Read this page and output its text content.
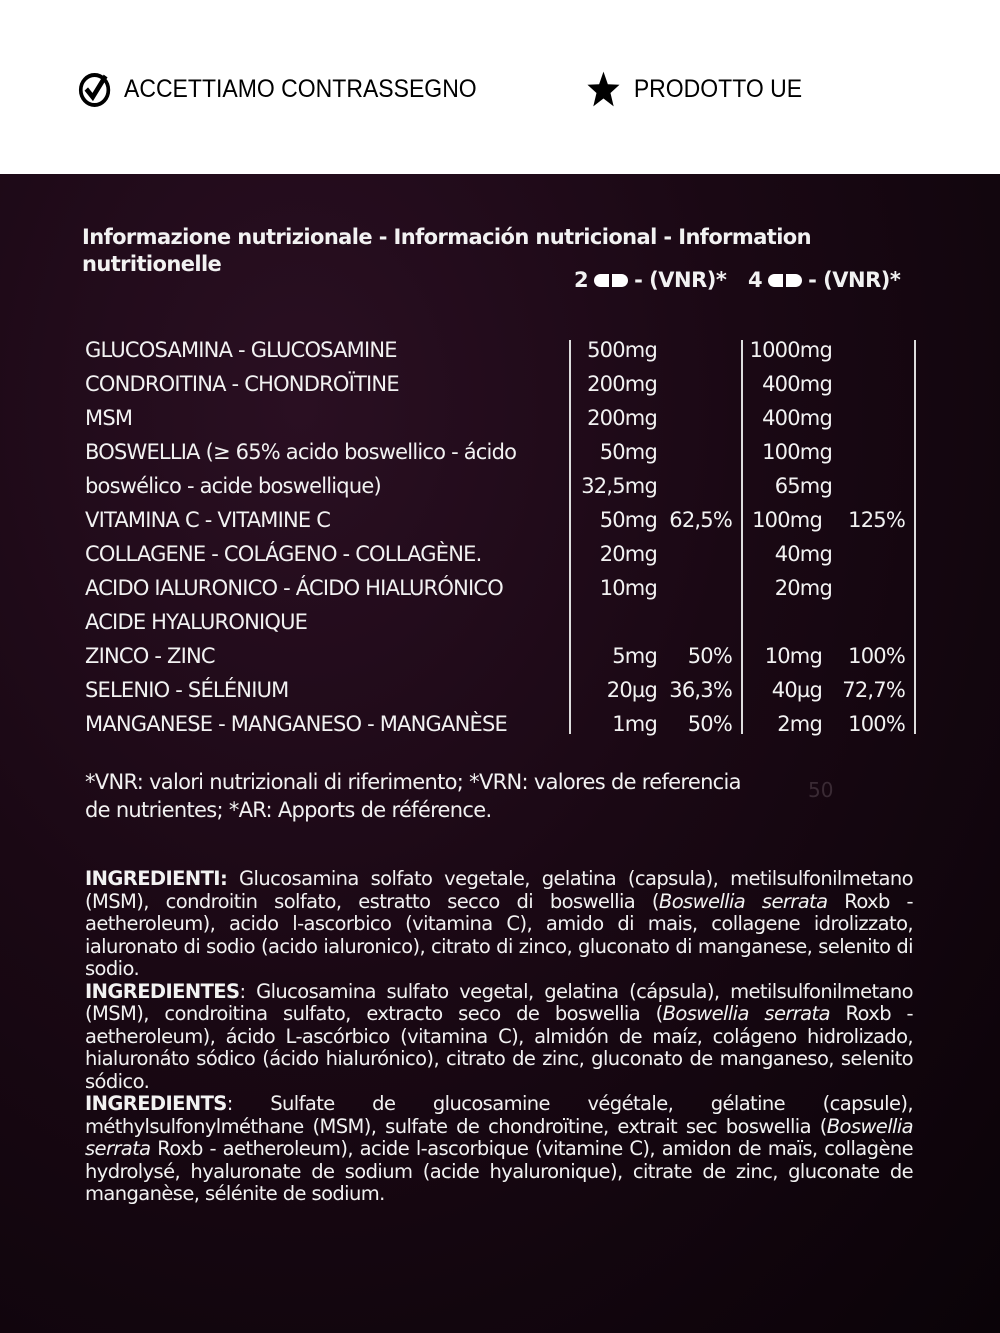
ACCETTIAMO CONTRASSEGNO	PRODOTTO UE
Informazione nutrizionale - Información nutricional - Information nutritionelle
2 - (VNR)* 4 - (VNR)*
GLUCOSAMINA - GLUCOSAMINE	500mg	1000mg
CONDROITINA - CHONDROÏTINE	200mg	400mg
MSM	200mg	400mg
BOSWELLIA (≥ 65% acido boswellico - ácido	50mg	100mg
boswélico - acide boswellique)	32,5mg	65mg
VITAMINA C - VITAMINE C	50mg 62,5% 100mg 125%
COLLAGENE - COLÁGENO - COLLAGÈNE.	20mg	40mg
ACIDO IALURONICO - ÁCIDO HIALURÓNICO	10mg	20mg
ACIDE HYALURONIQUE
ZINCO - ZINC	5mg 50% 10mg 100%
SELENIO - SÉLÉNIUM	20µg 36,3% 40µg 72,7%
MANGANESE - MANGANESO - MANGANÈSE	1mg 50% 2mg 100%
*VNR: valori nutrizionali di riferimento; *VRN: valores de referencia
de nutrientes; *AR: Apports de référence.
50

INGREDIENTI: Glucosamina solfato vegetale, gelatina (capsula), metilsulfonilmetano (MSM), condroitin solfato, estratto secco di boswellia (Boswellia serrata Roxb - aetheroleum), acido l-ascorbico (vitamina C), amido di mais, collagene idrolizzato, ialuronato di sodio (acido ialuronico), citrato di zinco, gluconato di manganese, selenito di sodio.

INGREDIENTES: Glucosamina sulfato vegetal, gelatina (cápsula), metilsulfonilmetano (MSM), condroitina sulfato, extracto seco de boswellia (Boswellia serrata Roxb - aetheroleum), ácido L-ascórbico (vitamina C), almidón de maíz, colágeno hidrolizado, hialuronáto sódico (ácido hialurónico), citrato de zinc, gluconato de manganeso, selenito sódico.

INGREDIENTS: Sulfate de glucosamine végétale, gélatine (capsule), méthylsulfonylméthane (MSM), sulfate de chondroïtine, extrait sec boswellia (Boswellia serrata Roxb - aetheroleum), acide l-ascorbique (vitamine C), amidon de maïs, collagène hydrolysé, hyaluronate de sodium (acide hyaluronique), citrate de zinc, gluconate de manganèse, sélénite de sodium.
